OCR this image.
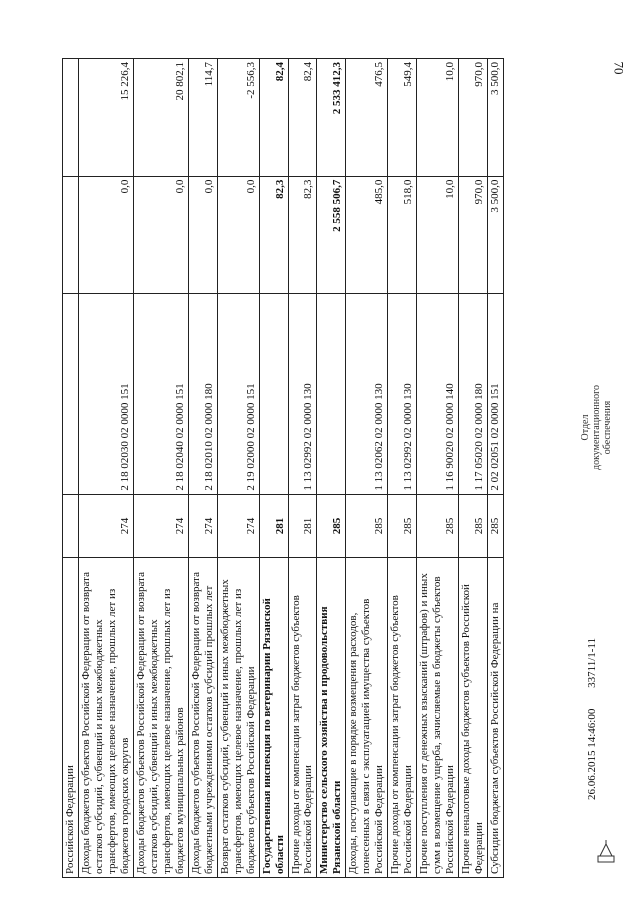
70
Российской Федерации				
Доходы бюджетов субъектов Российской Федерации от возврата остатков субсидий, субвенций и иных межбюджетных трансфертов, имеющих целевое назначение, прошлых лет из бюджетов городских округов	274	2 18 02030 02 0000 151	0,0	15 226,4
Доходы бюджетов субъектов Российской Федерации от возврата остатков субсидий, субвенций и иных межбюджетных трансфертов, имеющих целевое назначение, прошлых лет из бюджетов муниципальных районов	274	2 18 02040 02 0000 151	0,0	20 802,1
Доходы бюджетов субъектов Российской Федерации от возврата бюджетными учреждениями остатков субсидий прошлых лет	274	2 18 02010 02 0000 180	0,0	114,7
Возврат остатков субсидий, субвенций и иных межбюджетных трансфертов, имеющих целевое назначение, прошлых лет из бюджетов субъектов Российской Федерации	274	2 19 02000 02 0000 151	0,0	-2 556,3
Государственная инспекция по ветеринарии Рязанской области	281		82,3	82,4
Прочие доходы от компенсации затрат бюджетов субъектов Российской Федерации	281	1 13 02992 02 0000 130	82,3	82,4
Министерство сельского хозяйства и продовольствия Рязанской области	285		2 558 506,7	2 533 412,3
Доходы, поступающие в порядке возмещения расходов, понесенных в связи с эксплуатацией имущества субъектов Российской Федерации	285	1 13 02062 02 0000 130	485,0	476,5
Прочие доходы от компенсации затрат бюджетов субъектов Российской Федерации	285	1 13 02992 02 0000 130	518,0	549,4
Прочие поступления от денежных взысканий (штрафов) и иных сумм в возмещение ущерба, зачисляемые в бюджеты субъектов Российской Федерации	285	1 16 90020 02 0000 140	10,0	10,0
Прочие неналоговые доходы бюджетов субъектов Российской Федерации	285	1 17 05020 02 0000 180	970,0	970,0
Субсидии бюджетам субъектов Российской Федерации на	285	2 02 02051 02 0000 151	3 500,0	3 500,0
Отдел документационного обеспечения
26.06.2015 14:46:00 33711/1-11
